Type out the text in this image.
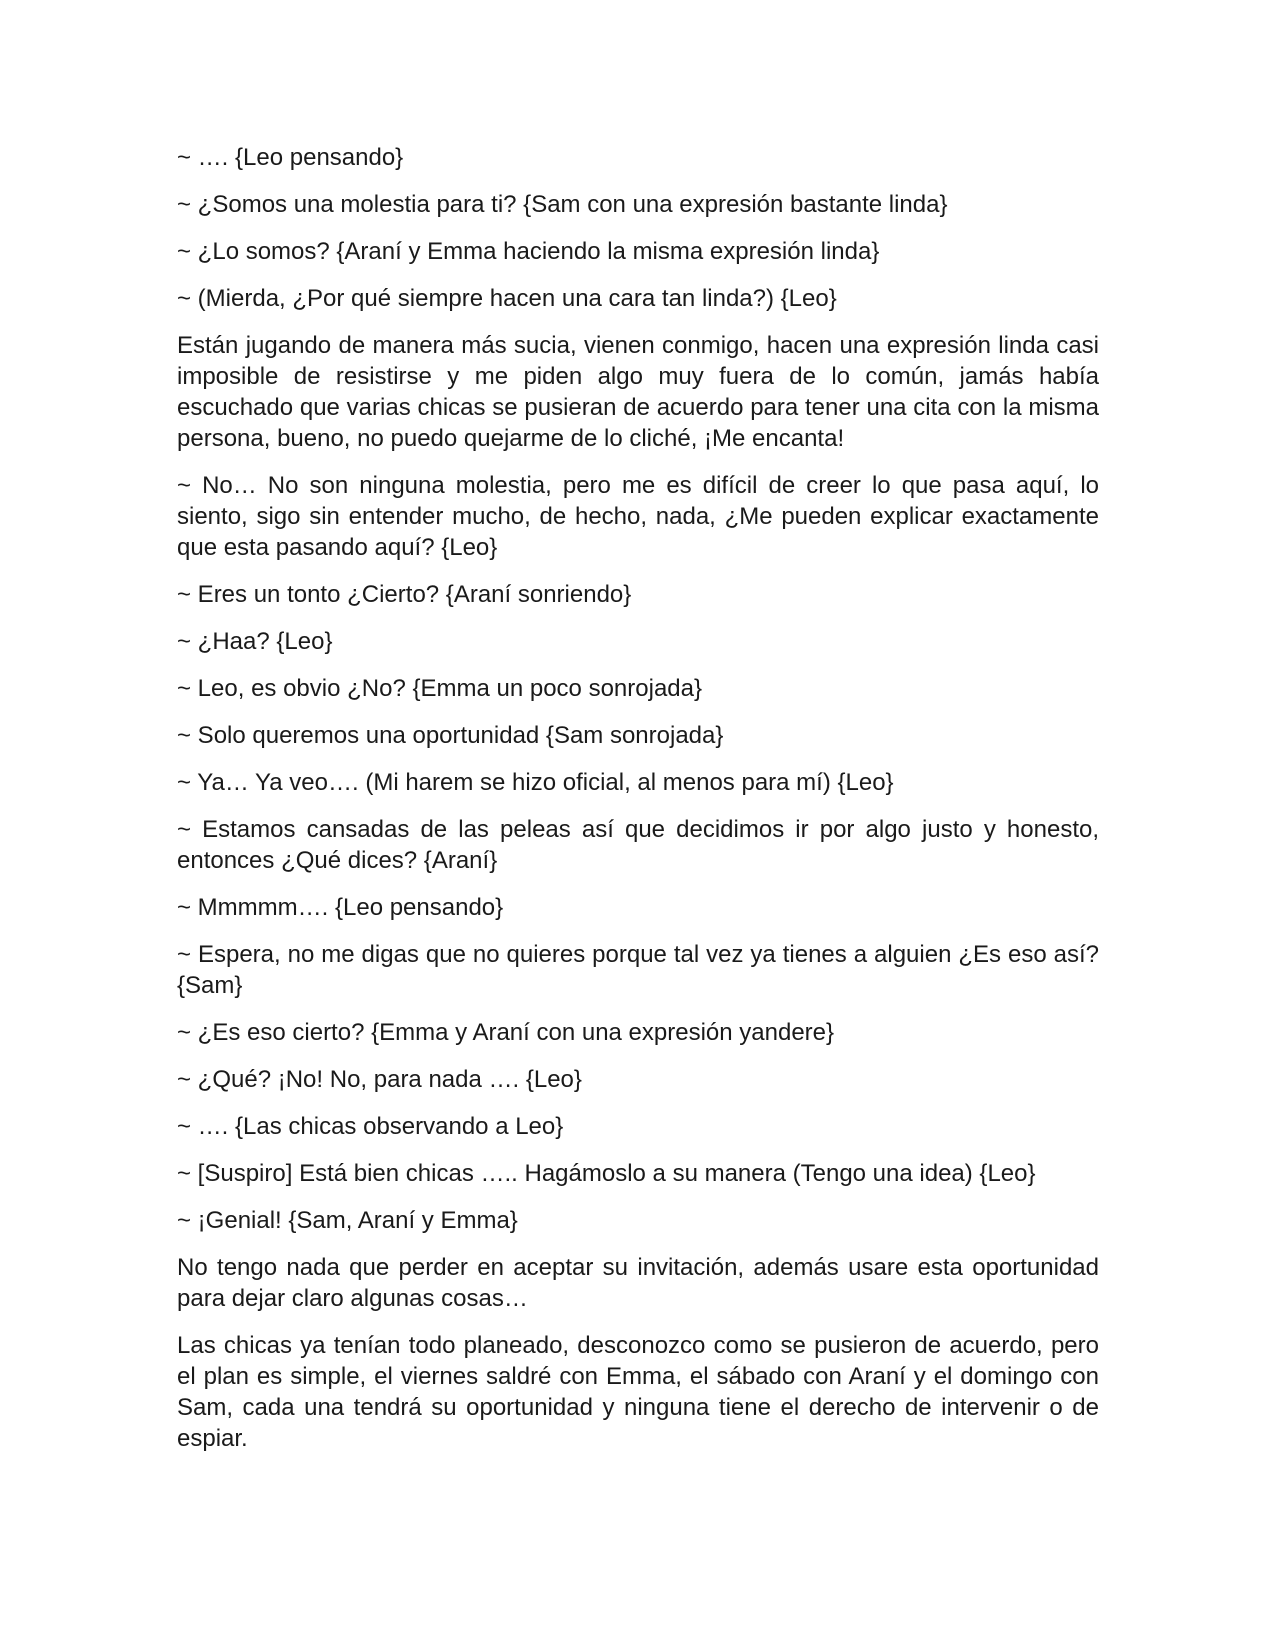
~ …. {Leo pensando}

~ ¿Somos una molestia para ti? {Sam con una expresión bastante linda}

~ ¿Lo somos? {Araní y Emma haciendo la misma expresión linda}

~ (Mierda, ¿Por qué siempre hacen una cara tan linda?) {Leo}

Están jugando de manera más sucia, vienen conmigo, hacen una expresión linda casi imposible de resistirse y me piden algo muy fuera de lo común, jamás había escuchado que varias chicas se pusieran de acuerdo para tener una cita con la misma persona, bueno, no puedo quejarme de lo cliché, ¡Me encanta!

~ No… No son ninguna molestia, pero me es difícil de creer lo que pasa aquí, lo siento, sigo sin entender mucho, de hecho, nada, ¿Me pueden explicar exactamente que esta pasando aquí? {Leo}

~ Eres un tonto ¿Cierto? {Araní sonriendo}

~ ¿Haa? {Leo}

~ Leo, es obvio ¿No? {Emma un poco sonrojada}

~ Solo queremos una oportunidad {Sam sonrojada}

~ Ya… Ya veo…. (Mi harem se hizo oficial, al menos para mí) {Leo}

~ Estamos cansadas de las peleas así que decidimos ir por algo justo y honesto, entonces ¿Qué dices? {Araní}

~ Mmmmm…. {Leo pensando}

~ Espera, no me digas que no quieres porque tal vez ya tienes a alguien ¿Es eso así? {Sam}

~ ¿Es eso cierto? {Emma y Araní con una expresión yandere}

~ ¿Qué? ¡No! No, para nada …. {Leo}

~ …. {Las chicas observando a Leo}

~ [Suspiro] Está bien chicas ….. Hagámoslo a su manera (Tengo una idea) {Leo}

~ ¡Genial! {Sam, Araní y Emma}

No tengo nada que perder en aceptar su invitación, además usare esta oportunidad para dejar claro algunas cosas…

Las chicas ya tenían todo planeado, desconozco como se pusieron de acuerdo, pero el plan es simple, el viernes saldré con Emma, el sábado con Araní y el domingo con Sam, cada una tendrá su oportunidad y ninguna tiene el derecho de intervenir o de espiar.
